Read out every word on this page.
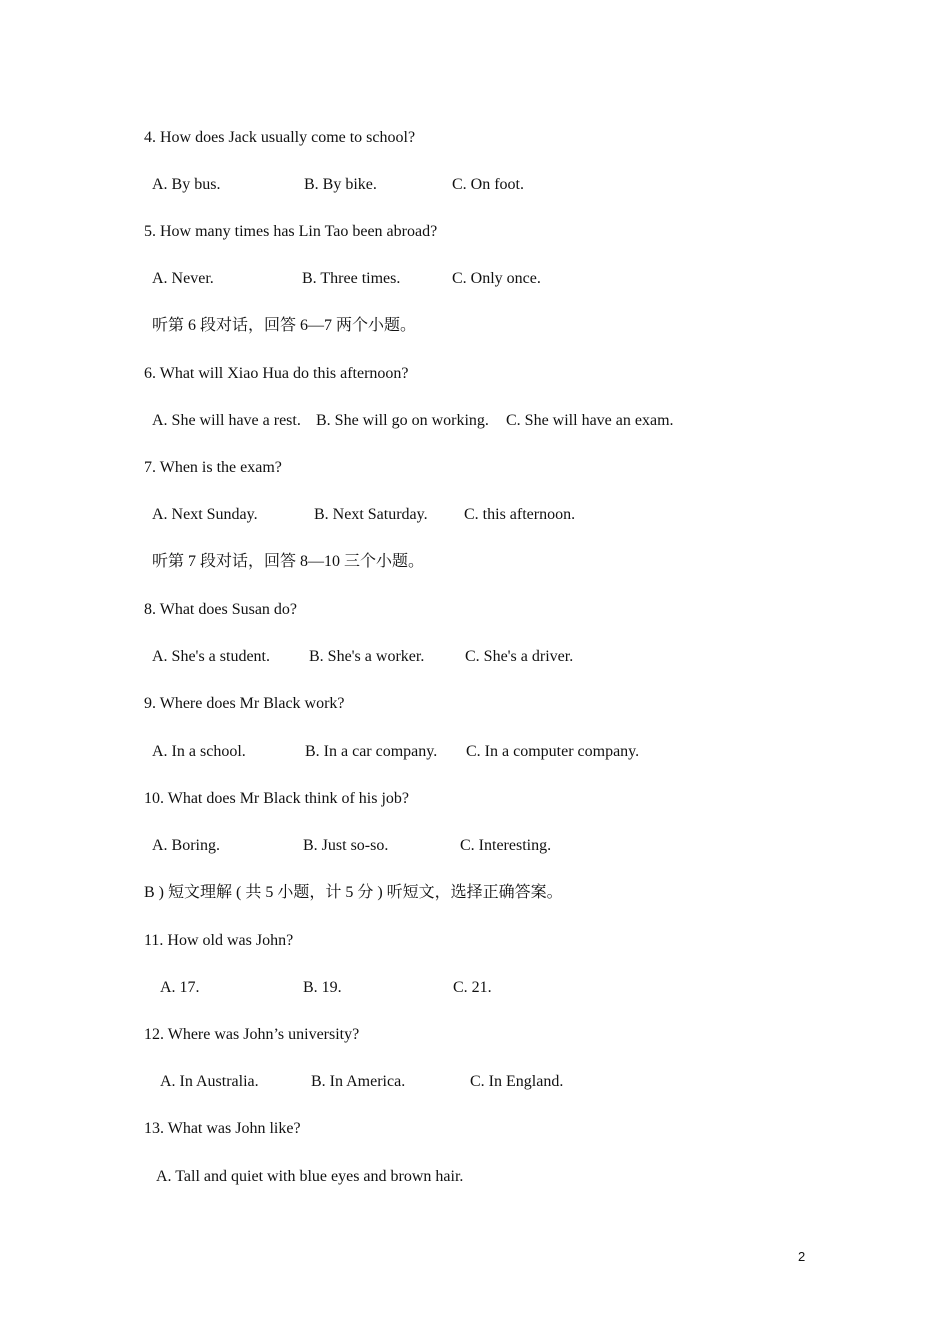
4. How does Jack usually come to school?
A. By bus.	B. By bike.	C. On foot.
5. How many times has Lin Tao been abroad?
A. Never.	B. Three times.	C. Only once.
听第 6 段对话，回答 6—7 两个小题。
6. What will Xiao Hua do this afternoon?
A. She will have a rest. B. She will go on working. C. She will have an exam.
7. When is the exam?
A. Next Sunday.	B. Next Saturday. C. this afternoon.
听第 7 段对话，回答 8—10 三个小题。
8. What does Susan do?
A. She's a student. B. She's a worker.	C. She's a driver.
9. Where does Mr Black work?
A. In a school.	B. In a car company. C. In a computer company.
10. What does Mr Black think of his job?
A. Boring.	B. Just so-so.	C. Interesting.
B ) 短文理解 ( 共 5 小题，计 5 分 ) 听短文，选择正确答案。
11. How old was John?
A. 17.	B. 19.	C. 21.
12. Where was John’s university?
A. In Australia.	B. In America.	C. In England.
13. What was John like?
A. Tall and quiet with blue eyes and brown hair.
2
